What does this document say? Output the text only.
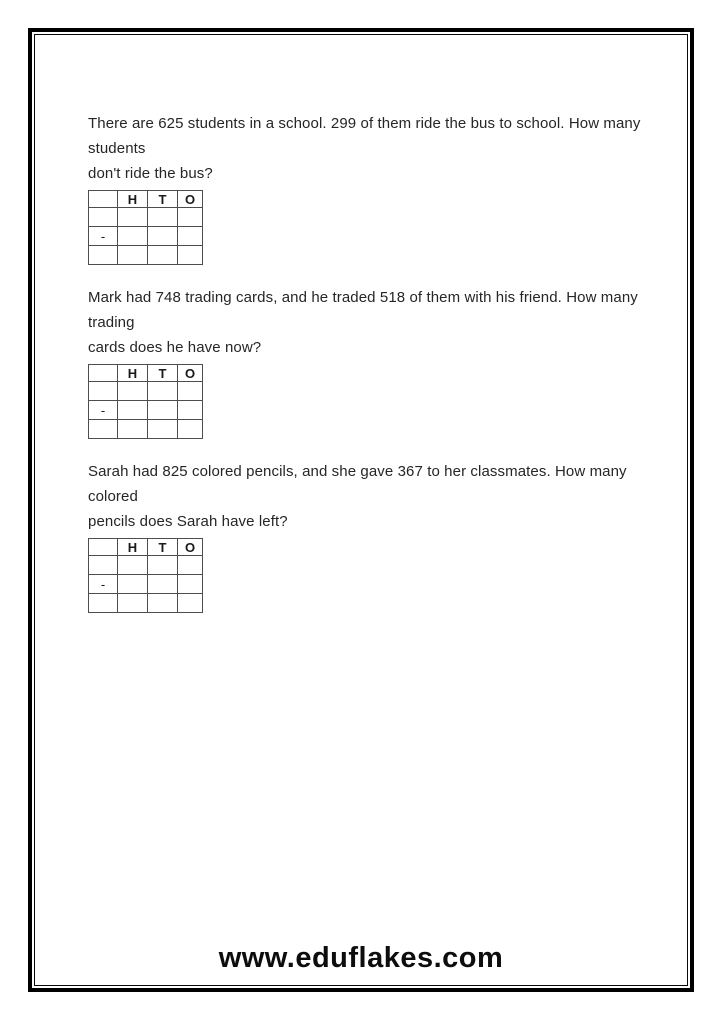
There are 625 students in a school. 299 of them ride the bus to school. How many students
don't ride the bus?
	H	T	O

-			

Mark had 748 trading cards, and he traded 518 of them with his friend. How many trading
cards does he have now?
	H	T	O

-			

Sarah had 825 colored pencils, and she gave 367 to her classmates. How many colored
pencils does Sarah have left?
	H	T	O

-			

www.eduflakes.com
